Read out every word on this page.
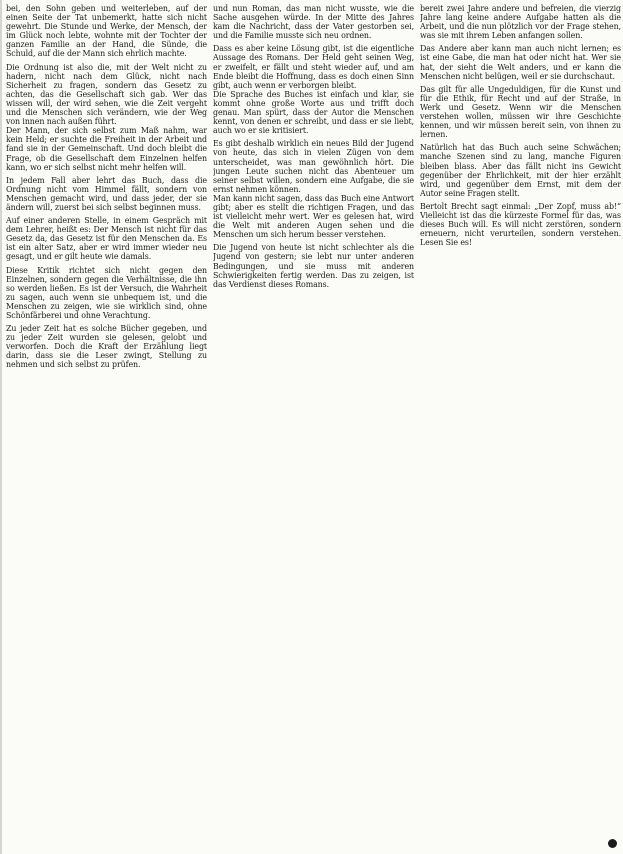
bei, den Sohn geben und weiterleben, auf der einen Seite der Tat unbemerkt, hatte sich nicht gewehrt. Die Stunde und Werke, der Mensch, der im Glück noch lebte, wohnte mit der Tochter der ganzen Familie an der Hand, die Sünde, die Schuld, auf die der Mann sich ehrlich machte.

Die Ordnung ist also die, mit der Welt nicht zu hadern, nicht nach dem Glück, nicht nach Sicherheit zu fragen, sondern das Gesetz zu achten, das die Gesellschaft sich gab. Wer das wissen will, der wird sehen, wie die Zeit vergeht und die Menschen sich verändern, wie der Weg von innen nach außen führt.

Der Mann, der sich selbst zum Maß nahm, war kein Held; er suchte die Freiheit in der Arbeit und fand sie in der Gemeinschaft. Und doch bleibt die Frage, ob die Gesellschaft dem Einzelnen helfen kann, wo er sich selbst nicht mehr helfen will.

In jedem Fall aber lehrt das Buch, dass die Ordnung nicht vom Himmel fällt, sondern von Menschen gemacht wird, und dass jeder, der sie ändern will, zuerst bei sich selbst beginnen muss.

Auf einer anderen Stelle, in einem Gespräch mit dem Lehrer, heißt es: Der Mensch ist nicht für das Gesetz da, das Gesetz ist für den Menschen da. Es ist ein alter Satz, aber er wird immer wieder neu gesagt, und er gilt heute wie damals.

Diese Kritik richtet sich nicht gegen den Einzelnen, sondern gegen die Verhältnisse, die ihn so werden ließen. Es ist der Versuch, die Wahrheit zu sagen, auch wenn sie unbequem ist, und die Menschen zu zeigen, wie sie wirklich sind, ohne Schönfärberei und ohne Verachtung.

Zu jeder Zeit hat es solche Bücher gegeben, und zu jeder Zeit wurden sie gelesen, gelobt und verworfen. Doch die Kraft der Erzählung liegt darin, dass sie die Leser zwingt, Stellung zu nehmen und sich selbst zu prüfen.

und nun Roman, das man nicht wusste, wie die Sache ausgehen würde. In der Mitte des Jahres kam die Nachricht, dass der Vater gestorben sei, und die Familie musste sich neu ordnen.

Dass es aber keine Lösung gibt, ist die eigentliche Aussage des Romans. Der Held geht seinen Weg, er zweifelt, er fällt und steht wieder auf, und am Ende bleibt die Hoffnung, dass es doch einen Sinn gibt, auch wenn er verborgen bleibt.

Die Sprache des Buches ist einfach und klar, sie kommt ohne große Worte aus und trifft doch genau. Man spürt, dass der Autor die Menschen kennt, von denen er schreibt, und dass er sie liebt, auch wo er sie kritisiert.

Es gibt deshalb wirklich ein neues Bild der Jugend von heute, das sich in vielen Zügen von dem unterscheidet, was man gewöhnlich hört. Die jungen Leute suchen nicht das Abenteuer um seiner selbst willen, sondern eine Aufgabe, die sie ernst nehmen können.

Man kann nicht sagen, dass das Buch eine Antwort gibt; aber es stellt die richtigen Fragen, und das ist vielleicht mehr wert. Wer es gelesen hat, wird die Welt mit anderen Augen sehen und die Menschen um sich herum besser verstehen.

Die Jugend von heute ist nicht schlechter als die Jugend von gestern; sie lebt nur unter anderen Bedingungen, und sie muss mit anderen Schwierigkeiten fertig werden. Das zu zeigen, ist das Verdienst dieses Romans.

bereit zwei Jahre andere und befreien, die vierzig Jahre lang keine andere Aufgabe hatten als die Arbeit, und die nun plötzlich vor der Frage stehen, was sie mit ihrem Leben anfangen sollen.

Das Andere aber kann man auch nicht lernen; es ist eine Gabe, die man hat oder nicht hat. Wer sie hat, der sieht die Welt anders, und er kann die Menschen nicht belügen, weil er sie durchschaut.

Das gilt für alle Ungeduldigen, für die Kunst und für die Ethik, für Recht und auf der Straße, in Werk und Gesetz. Wenn wir die Menschen verstehen wollen, müssen wir ihre Geschichte kennen, und wir müssen bereit sein, von ihnen zu lernen.

Natürlich hat das Buch auch seine Schwächen; manche Szenen sind zu lang, manche Figuren bleiben blass. Aber das fällt nicht ins Gewicht gegenüber der Ehrlichkeit, mit der hier erzählt wird, und gegenüber dem Ernst, mit dem der Autor seine Fragen stellt.

Bertolt Brecht sagt einmal: „Der Zopf, muss ab!“ Vielleicht ist das die kürzeste Formel für das, was dieses Buch will. Es will nicht zerstören, sondern erneuern, nicht verurteilen, sondern verstehen. Lesen Sie es!
